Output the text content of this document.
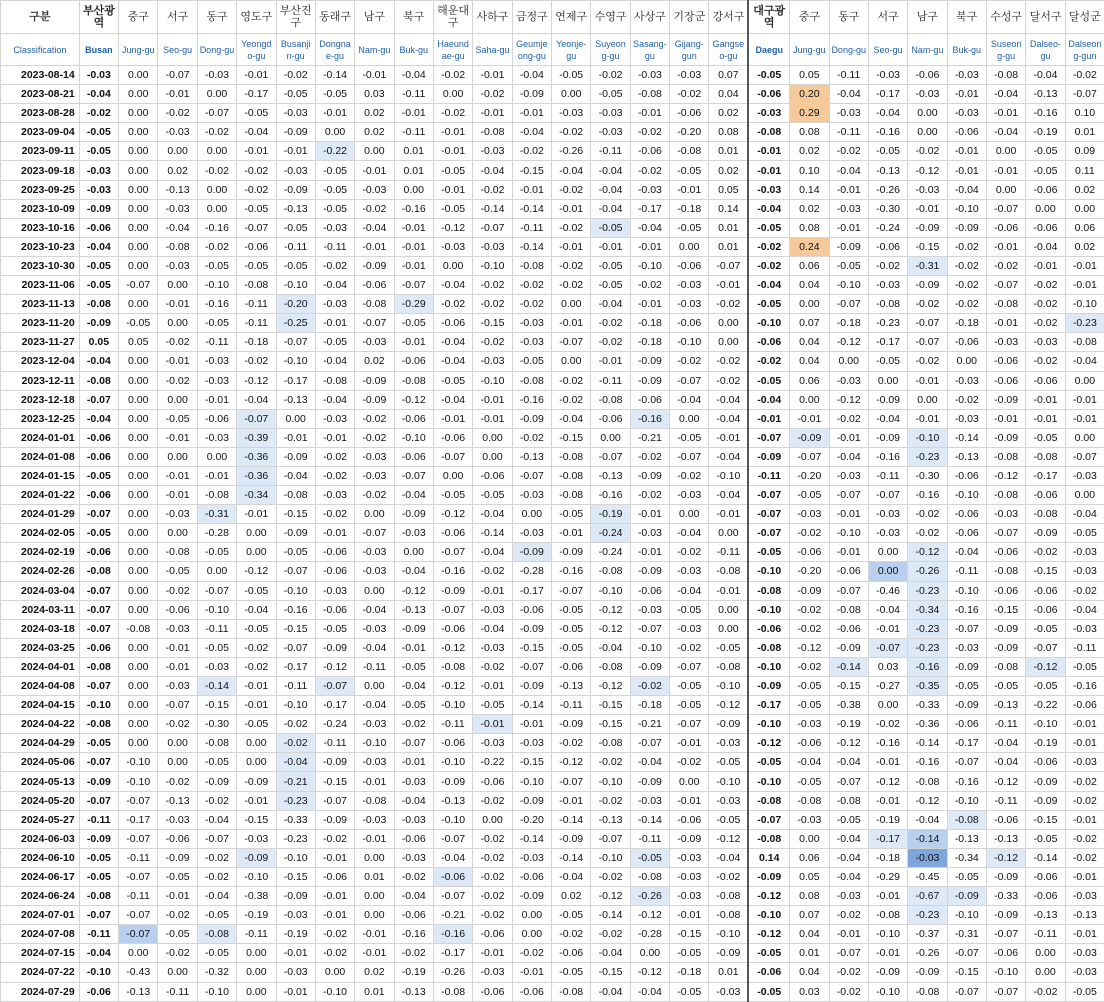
구분	부산광역	중구	서구	동구	영도구	부산진구	동래구	남구	북구	해운대구	사하구	금정구	연제구	수영구	사상구	기장군	강서구	대구광역	중구	동구	서구	남구	북구	수성구	달서구	달성군
Classification	Busan	Jung-gu	Seo-gu	Dong-gu	Yeongd o-gu	Busanji n-gu	Dongna e-gu	Nam-gu	Buk-gu	Haeund ae-gu	Saha-gu	Geumje ong-gu	Yeonje-gu	Suyeon g-gu	Sasang-gu	Gijang-gun	Gangse o-gu	Daegu	Jung-gu	Dong-gu	Seo-gu	Nam-gu	Buk-gu	Suseon g-gu	Dalseo-gu	Dalseon g-gun
2023-08-14	-0.03	0.00	-0.07	-0.03	-0.01	-0.02	-0.14	-0.01	-0.04	-0.02	-0.01	-0.04	-0.05	-0.02	-0.03	-0.03	0.07	-0.05	0.05	-0.11	-0.03	-0.06	-0.03	-0.08	-0.04	-0.02
2023-08-21	-0.04	0.00	-0.01	0.00	-0.17	-0.05	-0.05	0.03	-0.11	0.00	-0.02	-0.09	0.00	-0.05	-0.08	-0.02	0.04	-0.06	0.20	-0.04	-0.17	-0.03	-0.01	-0.04	-0.13	-0.07
2023-08-28	-0.02	0.00	-0.02	-0.07	-0.05	-0.03	-0.01	0.02	-0.01	-0.02	-0.01	-0.01	-0.03	-0.03	-0.01	-0.06	0.02	-0.03	0.29	-0.03	-0.04	0.00	-0.03	-0.01	-0.16	0.10
2023-09-04	-0.05	0.00	-0.03	-0.02	-0.04	-0.09	0.00	0.02	-0.11	-0.01	-0.08	-0.04	-0.02	-0.03	-0.02	-0.20	0.08	-0.08	0.08	-0.11	-0.16	0.00	-0.06	-0.04	-0.19	0.01
2023-09-11	-0.05	0.00	0.00	0.00	-0.01	-0.01	-0.22	0.00	0.01	-0.01	-0.03	-0.02	-0.26	-0.11	-0.06	-0.08	0.01	-0.01	0.02	-0.02	-0.05	-0.02	-0.01	0.00	-0.05	0.09
2023-09-18	-0.03	0.00	0.02	-0.02	-0.02	-0.03	-0.05	-0.01	0.01	-0.05	-0.04	-0.15	-0.04	-0.04	-0.02	-0.05	0.02	-0.01	0.10	-0.04	-0.13	-0.12	-0.01	-0.01	-0.05	0.11
2023-09-25	-0.03	0.00	-0.13	0.00	-0.02	-0.09	-0.05	-0.03	0.00	-0.01	-0.02	-0.01	-0.02	-0.04	-0.03	-0.01	0.05	-0.03	0.14	-0.01	-0.26	-0.03	-0.04	0.00	-0.06	0.02
2023-10-09	-0.09	0.00	-0.03	0.00	-0.05	-0.13	-0.05	-0.02	-0.16	-0.05	-0.14	-0.14	-0.01	-0.04	-0.17	-0.18	0.14	-0.04	0.02	-0.03	-0.30	-0.01	-0.10	-0.07	0.00	0.00
2023-10-16	-0.06	0.00	-0.04	-0.16	-0.07	-0.05	-0.03	-0.04	-0.01	-0.12	-0.07	-0.11	-0.02	-0.05	-0.04	-0.05	0.01	-0.05	0.08	-0.01	-0.24	-0.09	-0.09	-0.06	-0.06	0.06
2023-10-23	-0.04	0.00	-0.08	-0.02	-0.06	-0.11	-0.11	-0.01	-0.01	-0.03	-0.03	-0.14	-0.01	-0.01	-0.01	0.00	0.01	-0.02	0.24	-0.09	-0.06	-0.15	-0.02	-0.01	-0.04	0.02
2023-10-30	-0.05	0.00	-0.03	-0.05	-0.05	-0.05	-0.02	-0.09	-0.01	0.00	-0.10	-0.08	-0.02	-0.05	-0.10	-0.06	-0.07	-0.02	0.06	-0.05	-0.02	-0.31	-0.02	-0.02	-0.01	-0.01
2023-11-06	-0.05	-0.07	0.00	-0.10	-0.08	-0.10	-0.04	-0.06	-0.07	-0.04	-0.02	-0.02	-0.02	-0.05	-0.02	-0.03	-0.01	-0.04	0.04	-0.10	-0.03	-0.09	-0.02	-0.07	-0.02	-0.01
2023-11-13	-0.08	0.00	-0.01	-0.16	-0.11	-0.20	-0.03	-0.08	-0.29	-0.02	-0.02	-0.02	0.00	-0.04	-0.01	-0.03	-0.02	-0.05	0.00	-0.07	-0.08	-0.02	-0.02	-0.08	-0.02	-0.10
2023-11-20	-0.09	-0.05	0.00	-0.05	-0.11	-0.25	-0.01	-0.07	-0.05	-0.06	-0.15	-0.03	-0.01	-0.02	-0.18	-0.06	0.00	-0.10	0.07	-0.18	-0.23	-0.07	-0.18	-0.01	-0.02	-0.23
2023-11-27	0.05	0.05	-0.02	-0.11	-0.18	-0.07	-0.05	-0.03	-0.01	-0.04	-0.02	-0.03	-0.07	-0.02	-0.18	-0.10	0.00	-0.06	0.04	-0.12	-0.17	-0.07	-0.06	-0.03	-0.03	-0.08
2023-12-04	-0.04	0.00	-0.01	-0.03	-0.02	-0.10	-0.04	0.02	-0.06	-0.04	-0.03	-0.05	0.00	-0.01	-0.09	-0.02	-0.02	-0.02	0.04	0.00	-0.05	-0.02	0.00	-0.06	-0.02	-0.04
2023-12-11	-0.08	0.00	-0.02	-0.03	-0.12	-0.17	-0.08	-0.09	-0.08	-0.05	-0.10	-0.08	-0.02	-0.11	-0.09	-0.07	-0.02	-0.05	0.06	-0.03	0.00	-0.01	-0.03	-0.06	-0.06	0.00
2023-12-18	-0.07	0.00	0.00	-0.01	-0.04	-0.13	-0.04	-0.09	-0.12	-0.04	-0.01	-0.16	-0.02	-0.08	-0.06	-0.04	-0.04	-0.04	0.00	-0.12	-0.09	0.00	-0.02	-0.09	-0.01	-0.01
2023-12-25	-0.04	0.00	-0.05	-0.06	-0.07	0.00	-0.03	-0.02	-0.06	-0.01	-0.01	-0.09	-0.04	-0.06	-0.16	0.00	-0.04	-0.01	-0.01	-0.02	-0.04	-0.01	-0.03	-0.01	-0.01	-0.01
2024-01-01	-0.06	0.00	-0.01	-0.03	-0.39	-0.01	-0.01	-0.02	-0.10	-0.06	0.00	-0.02	-0.15	0.00	-0.21	-0.05	-0.01	-0.07	-0.09	-0.01	-0.09	-0.10	-0.14	-0.09	-0.05	0.00
2024-01-08	-0.06	0.00	0.00	0.00	-0.36	-0.09	-0.02	-0.03	-0.06	-0.07	0.00	-0.13	-0.08	-0.07	-0.02	-0.07	-0.04	-0.09	-0.07	-0.04	-0.16	-0.23	-0.13	-0.08	-0.08	-0.07
2024-01-15	-0.05	0.00	-0.01	-0.01	-0.36	-0.04	-0.02	-0.03	-0.07	0.00	-0.06	-0.07	-0.08	-0.13	-0.09	-0.02	-0.10	-0.11	-0.20	-0.03	-0.11	-0.30	-0.06	-0.12	-0.17	-0.03
2024-01-22	-0.06	0.00	-0.01	-0.08	-0.34	-0.08	-0.03	-0.02	-0.04	-0.05	-0.05	-0.03	-0.08	-0.16	-0.02	-0.03	-0.04	-0.07	-0.05	-0.07	-0.07	-0.16	-0.10	-0.08	-0.06	0.00
2024-01-29	-0.07	0.00	-0.03	-0.31	-0.01	-0.15	-0.02	0.00	-0.09	-0.12	-0.04	0.00	-0.05	-0.19	-0.01	0.00	-0.01	-0.07	-0.03	-0.01	-0.03	-0.02	-0.06	-0.03	-0.08	-0.04
2024-02-05	-0.05	0.00	0.00	-0.28	0.00	-0.09	-0.01	-0.07	-0.03	-0.06	-0.14	-0.03	-0.01	-0.24	-0.03	-0.04	0.00	-0.07	-0.02	-0.10	-0.03	-0.02	-0.06	-0.07	-0.09	-0.05
2024-02-19	-0.06	0.00	-0.08	-0.05	0.00	-0.05	-0.06	-0.03	0.00	-0.07	-0.04	-0.09	-0.09	-0.24	-0.01	-0.02	-0.11	-0.05	-0.06	-0.01	0.00	-0.12	-0.04	-0.06	-0.02	-0.03
2024-02-26	-0.08	0.00	-0.05	0.00	-0.12	-0.07	-0.06	-0.03	-0.04	-0.16	-0.02	-0.28	-0.16	-0.08	-0.09	-0.03	-0.08	-0.10	-0.20	-0.06	0.00	-0.26	-0.11	-0.08	-0.15	-0.03
2024-03-04	-0.07	0.00	-0.02	-0.07	-0.05	-0.10	-0.03	0.00	-0.12	-0.09	-0.01	-0.17	-0.07	-0.10	-0.06	-0.04	-0.01	-0.08	-0.09	-0.07	-0.46	-0.23	-0.10	-0.06	-0.06	-0.02
2024-03-11	-0.07	0.00	-0.06	-0.10	-0.04	-0.16	-0.06	-0.04	-0.13	-0.07	-0.03	-0.06	-0.05	-0.12	-0.03	-0.05	0.00	-0.10	-0.02	-0.08	-0.04	-0.34	-0.16	-0.15	-0.06	-0.04
2024-03-18	-0.07	-0.08	-0.03	-0.11	-0.05	-0.15	-0.05	-0.03	-0.09	-0.06	-0.04	-0.09	-0.05	-0.12	-0.07	-0.03	0.00	-0.06	-0.02	-0.06	-0.01	-0.23	-0.07	-0.09	-0.05	-0.03
2024-03-25	-0.06	0.00	-0.01	-0.05	-0.02	-0.07	-0.09	-0.04	-0.01	-0.12	-0.03	-0.15	-0.05	-0.04	-0.10	-0.02	-0.05	-0.08	-0.12	-0.09	-0.07	-0.23	-0.03	-0.09	-0.07	-0.11
2024-04-01	-0.08	0.00	-0.01	-0.03	-0.02	-0.17	-0.12	-0.11	-0.05	-0.08	-0.02	-0.07	-0.06	-0.08	-0.09	-0.07	-0.08	-0.10	-0.02	-0.14	0.03	-0.16	-0.09	-0.08	-0.12	-0.05
2024-04-08	-0.07	0.00	-0.03	-0.14	-0.01	-0.11	-0.07	0.00	-0.04	-0.12	-0.01	-0.09	-0.13	-0.12	-0.02	-0.05	-0.10	-0.09	-0.05	-0.15	-0.27	-0.35	-0.05	-0.05	-0.05	-0.16
2024-04-15	-0.10	0.00	-0.07	-0.15	-0.01	-0.10	-0.17	-0.04	-0.05	-0.10	-0.05	-0.14	-0.11	-0.15	-0.18	-0.05	-0.12	-0.17	-0.05	-0.38	0.00	-0.33	-0.09	-0.13	-0.22	-0.06
2024-04-22	-0.08	0.00	-0.02	-0.30	-0.05	-0.02	-0.24	-0.03	-0.02	-0.11	-0.01	-0.01	-0.09	-0.15	-0.21	-0.07	-0.09	-0.10	-0.03	-0.19	-0.02	-0.36	-0.06	-0.11	-0.10	-0.01
2024-04-29	-0.05	0.00	0.00	-0.08	0.00	-0.02	-0.11	-0.10	-0.07	-0.06	-0.03	-0.03	-0.02	-0.08	-0.07	-0.01	-0.03	-0.12	-0.06	-0.12	-0.16	-0.14	-0.17	-0.04	-0.19	-0.01
2024-05-06	-0.07	-0.10	0.00	-0.05	0.00	-0.04	-0.09	-0.03	-0.01	-0.10	-0.22	-0.15	-0.12	-0.02	-0.04	-0.02	-0.05	-0.05	-0.04	-0.04	-0.01	-0.16	-0.07	-0.04	-0.06	-0.03
2024-05-13	-0.09	-0.10	-0.02	-0.09	-0.09	-0.21	-0.15	-0.01	-0.03	-0.09	-0.06	-0.10	-0.07	-0.10	-0.09	0.00	-0.10	-0.10	-0.05	-0.07	-0.12	-0.08	-0.16	-0.12	-0.09	-0.02
2024-05-20	-0.07	-0.07	-0.13	-0.02	-0.01	-0.23	-0.07	-0.08	-0.04	-0.13	-0.02	-0.09	-0.01	-0.02	-0.03	-0.01	-0.03	-0.08	-0.08	-0.08	-0.01	-0.12	-0.10	-0.11	-0.09	-0.02
2024-05-27	-0.11	-0.17	-0.03	-0.04	-0.15	-0.33	-0.09	-0.03	-0.03	-0.10	0.00	-0.20	-0.14	-0.13	-0.14	-0.06	-0.05	-0.07	-0.03	-0.05	-0.19	-0.04	-0.08	-0.06	-0.15	-0.01
2024-06-03	-0.09	-0.07	-0.06	-0.07	-0.03	-0.23	-0.02	-0.01	-0.06	-0.07	-0.02	-0.14	-0.09	-0.07	-0.11	-0.09	-0.12	-0.08	0.00	-0.04	-0.17	-0.14	-0.13	-0.13	-0.05	-0.02
2024-06-10	-0.05	-0.11	-0.09	-0.02	-0.09	-0.10	-0.01	0.00	-0.03	-0.04	-0.02	-0.03	-0.14	-0.10	-0.05	-0.03	-0.04	0.14	0.06	-0.04	-0.18	-0.03	-0.34	-0.12	-0.14	-0.02
2024-06-17	-0.05	-0.07	-0.05	-0.02	-0.10	-0.15	-0.06	0.01	-0.02	-0.06	-0.02	-0.06	-0.04	-0.02	-0.08	-0.03	-0.02	-0.09	0.05	-0.04	-0.29	-0.45	-0.05	-0.09	-0.06	-0.01
2024-06-24	-0.08	-0.11	-0.01	-0.04	-0.38	-0.09	-0.01	0.00	-0.04	-0.07	-0.02	-0.09	0.02	-0.12	-0.26	-0.03	-0.08	-0.12	0.08	-0.03	-0.01	-0.67	-0.09	-0.33	-0.06	-0.03
2024-07-01	-0.07	-0.07	-0.02	-0.05	-0.19	-0.03	-0.01	0.00	-0.06	-0.21	-0.02	0.00	-0.05	-0.14	-0.12	-0.01	-0.08	-0.10	0.07	-0.02	-0.08	-0.23	-0.10	-0.09	-0.13	-0.13
2024-07-08	-0.11	-0.07	-0.05	-0.08	-0.11	-0.19	-0.02	-0.01	-0.16	-0.16	-0.06	0.00	-0.02	-0.02	-0.28	-0.15	-0.10	-0.12	0.04	-0.01	-0.10	-0.37	-0.31	-0.07	-0.11	-0.01
2024-07-15	-0.04	0.00	-0.02	-0.05	0.00	-0.01	-0.02	-0.01	-0.02	-0.17	-0.01	-0.02	-0.06	-0.04	0.00	-0.05	-0.09	-0.05	0.01	-0.07	-0.01	-0.26	-0.07	-0.06	0.00	-0.03
2024-07-22	-0.10	-0.43	0.00	-0.32	0.00	-0.03	0.00	0.02	-0.19	-0.26	-0.03	-0.01	-0.05	-0.15	-0.12	-0.18	0.01	-0.06	0.04	-0.02	-0.09	-0.09	-0.15	-0.10	0.00	-0.03
2024-07-29	-0.06	-0.13	-0.11	-0.10	0.00	-0.01	-0.10	0.01	-0.13	-0.08	-0.06	-0.06	-0.08	-0.04	-0.04	-0.05	-0.03	-0.05	0.03	-0.02	-0.10	-0.08	-0.07	-0.07	-0.02	-0.05
